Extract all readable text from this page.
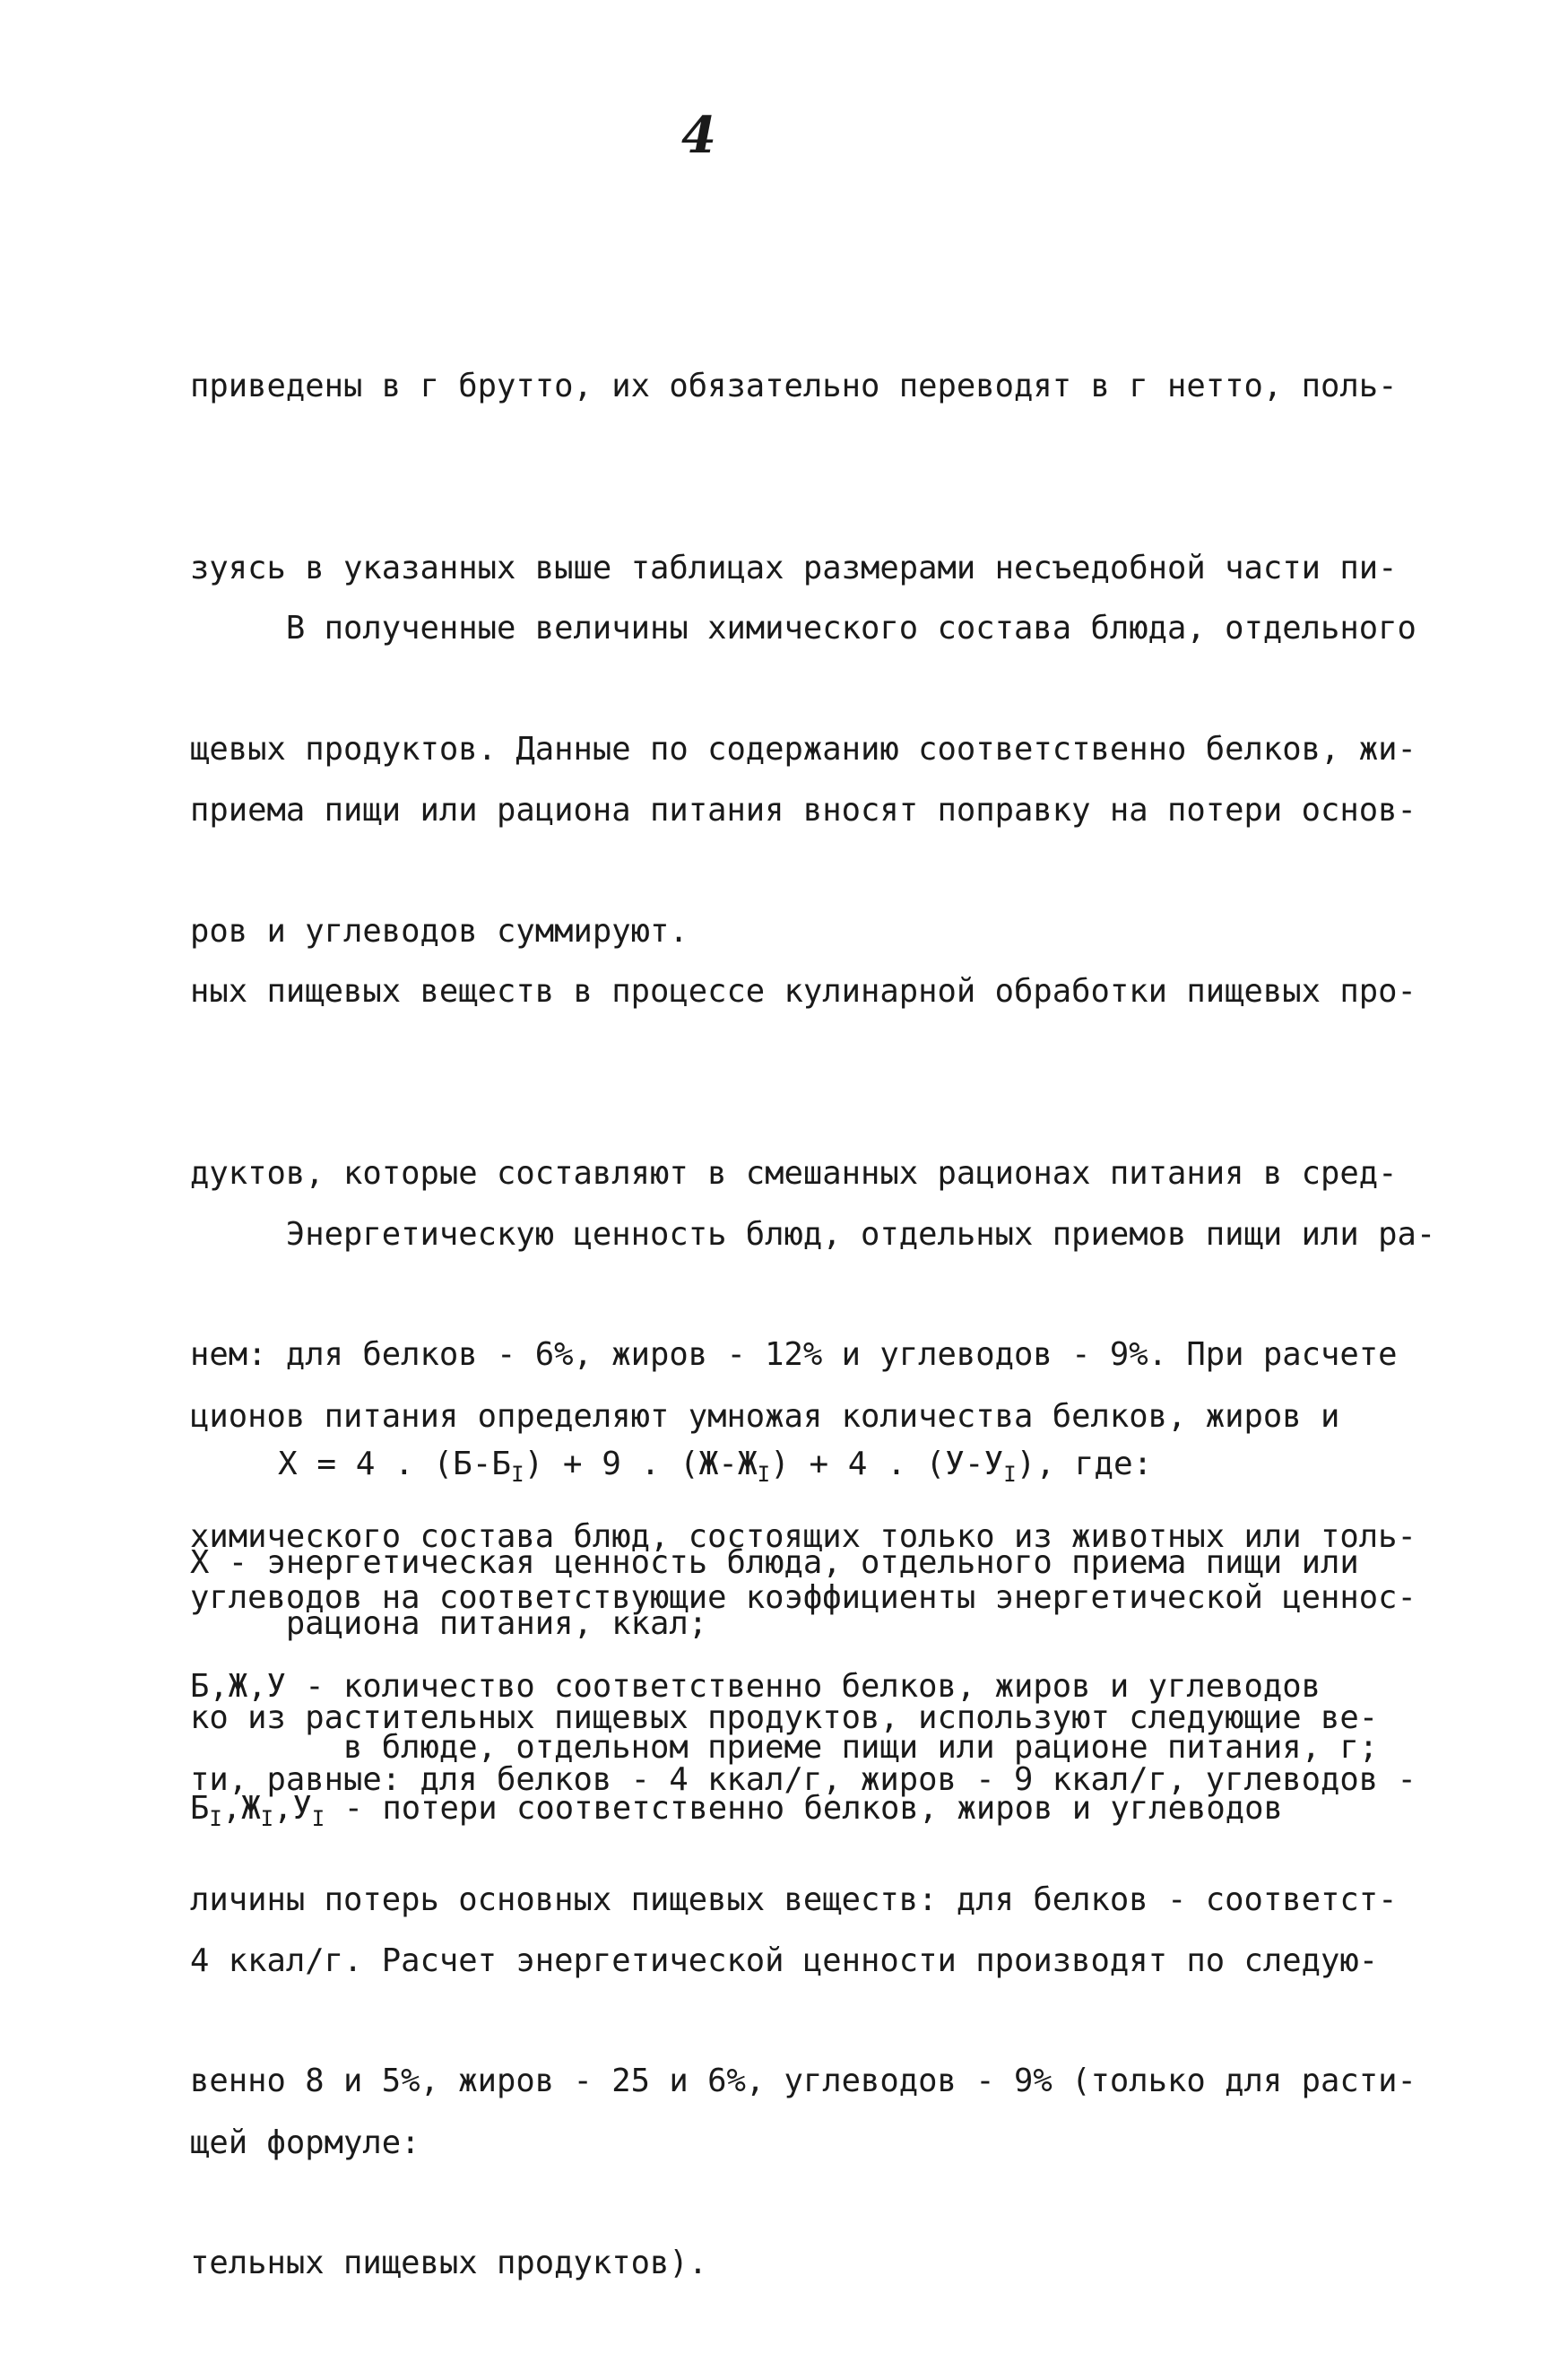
4

приведены в г брутто, их обязательно переводят в г нетто, поль-

зуясь в указанных выше таблицах размерами несъедобной части пи-

щевых продуктов. Данные по содержанию соответственно белков, жи-

ров и углеводов суммируют.

В полученные величины химического состава блюда, отдельного

приема пищи или рациона питания вносят поправку на потери основ-

ных пищевых веществ в процессе кулинарной обработки пищевых про-

дуктов, которые составляют в смешанных рационах питания в сред-

нем: для белков - 6%, жиров - 12% и углеводов - 9%. При расчете

химического состава блюд, состоящих только из животных или толь-

ко из растительных пищевых продуктов, используют следующие ве-

личины потерь основных пищевых веществ: для белков - соответст-

венно 8 и 5%, жиров - 25 и 6%, углеводов - 9% (только для расти-

тельных пищевых продуктов).

Энергетическую ценность блюд, отдельных приемов пищи или ра-

ционов питания определяют умножая количества белков, жиров и

углеводов на соответствующие коэффициенты энергетической ценнос-

ти, равные: для белков - 4 ккал/г, жиров - 9 ккал/г, углеводов -

4 ккал/г. Расчет энергетической ценности производят по следую-

щей формуле:

Х = 4 . $(Б-Б_I) + 9$ . $(Ж-Ж_I) + 4$ . $(У-У_I)$, где:
Х - энергетическая ценность блюда, отдельного приема пищи или
рациона питания, ккал;
Б,Ж,У - количество соответственно белков, жиров и углеводов
в блюде, отдельном приеме пищи или рационе питания, г;
$Б_I,Ж_I,У_I$ - потери соответственно белков, жиров и углеводов
